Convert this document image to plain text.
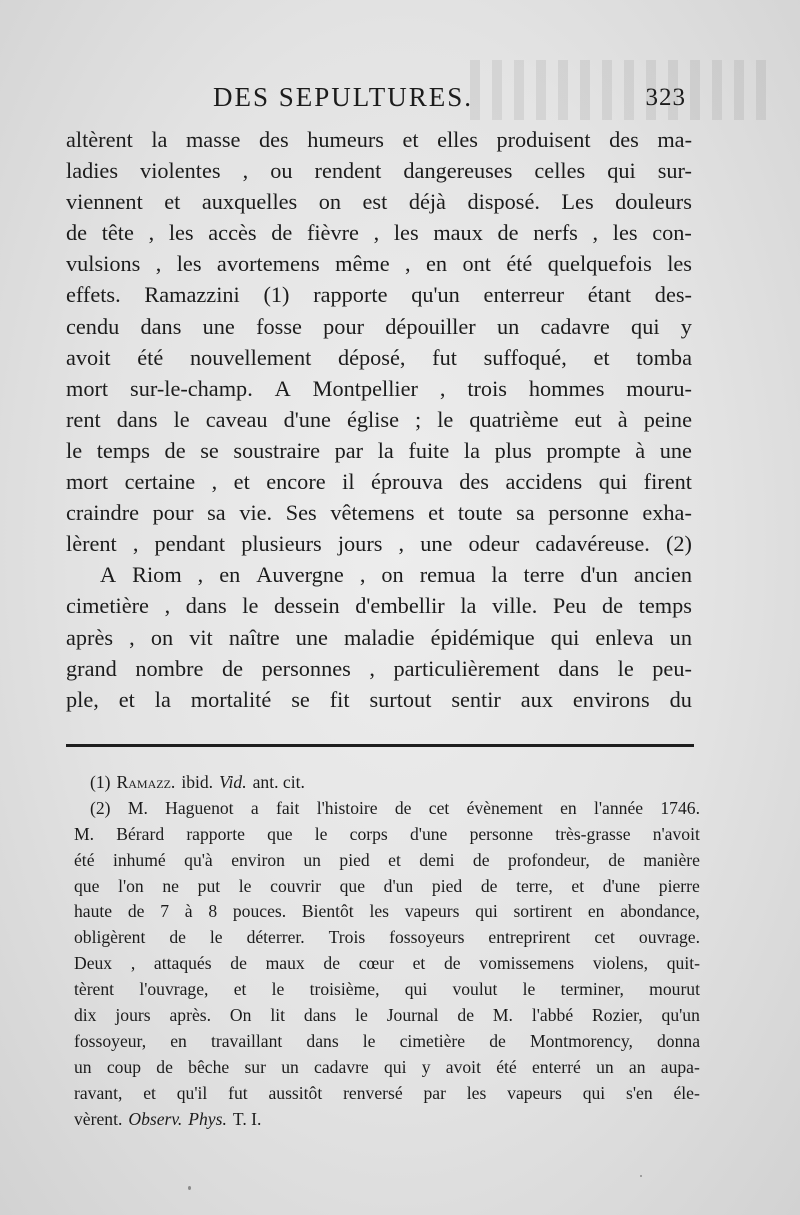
DES SEPULTURES.	323
altèrent la masse des humeurs et elles produisent des ma-
ladies violentes , ou rendent dangereuses celles qui sur-
viennent et auxquelles on est déjà disposé. Les douleurs
de tête , les accès de fièvre , les maux de nerfs , les con-
vulsions , les avortemens même , en ont été quelquefois les
effets. Ramazzini (1) rapporte qu'un enterreur étant des-
cendu dans une fosse pour dépouiller un cadavre qui y
avoit été nouvellement déposé, fut suffoqué, et tomba
mort sur-le-champ. A Montpellier , trois hommes mouru-
rent dans le caveau d'une église ; le quatrième eut à peine
le temps de se soustraire par la fuite la plus prompte à une
mort certaine , et encore il éprouva des accidens qui firent
craindre pour sa vie. Ses vêtemens et toute sa personne exha-
lèrent , pendant plusieurs jours , une odeur cadavéreuse. (2)
A Riom , en Auvergne , on remua la terre d'un ancien
cimetière , dans le dessein d'embellir la ville. Peu de temps
après , on vit naître une maladie épidémique qui enleva un
grand nombre de personnes , particulièrement dans le peu-
ple, et la mortalité se fit surtout sentir aux environs du
(1) Ramazz. ibid. Vid. ant. cit.
(2) M. Haguenot a fait l'histoire de cet évènement en l'année 1746.
M. Bérard rapporte que le corps d'une personne très-grasse n'avoit
été inhumé qu'à environ un pied et demi de profondeur, de manière
que l'on ne put le couvrir que d'un pied de terre, et d'une pierre
haute de 7 à 8 pouces. Bientôt les vapeurs qui sortirent en abondance,
obligèrent de le déterrer. Trois fossoyeurs entreprirent cet ouvrage.
Deux , attaqués de maux de cœur et de vomissemens violens, quit-
tèrent l'ouvrage, et le troisième, qui voulut le terminer, mourut
dix jours après. On lit dans le Journal de M. l'abbé Rozier, qu'un
fossoyeur, en travaillant dans le cimetière de Montmorency, donna
un coup de bêche sur un cadavre qui y avoit été enterré un an aupa-
ravant, et qu'il fut aussitôt renversé par les vapeurs qui s'en éle-
vèrent. Observ. Phys. T. I.
